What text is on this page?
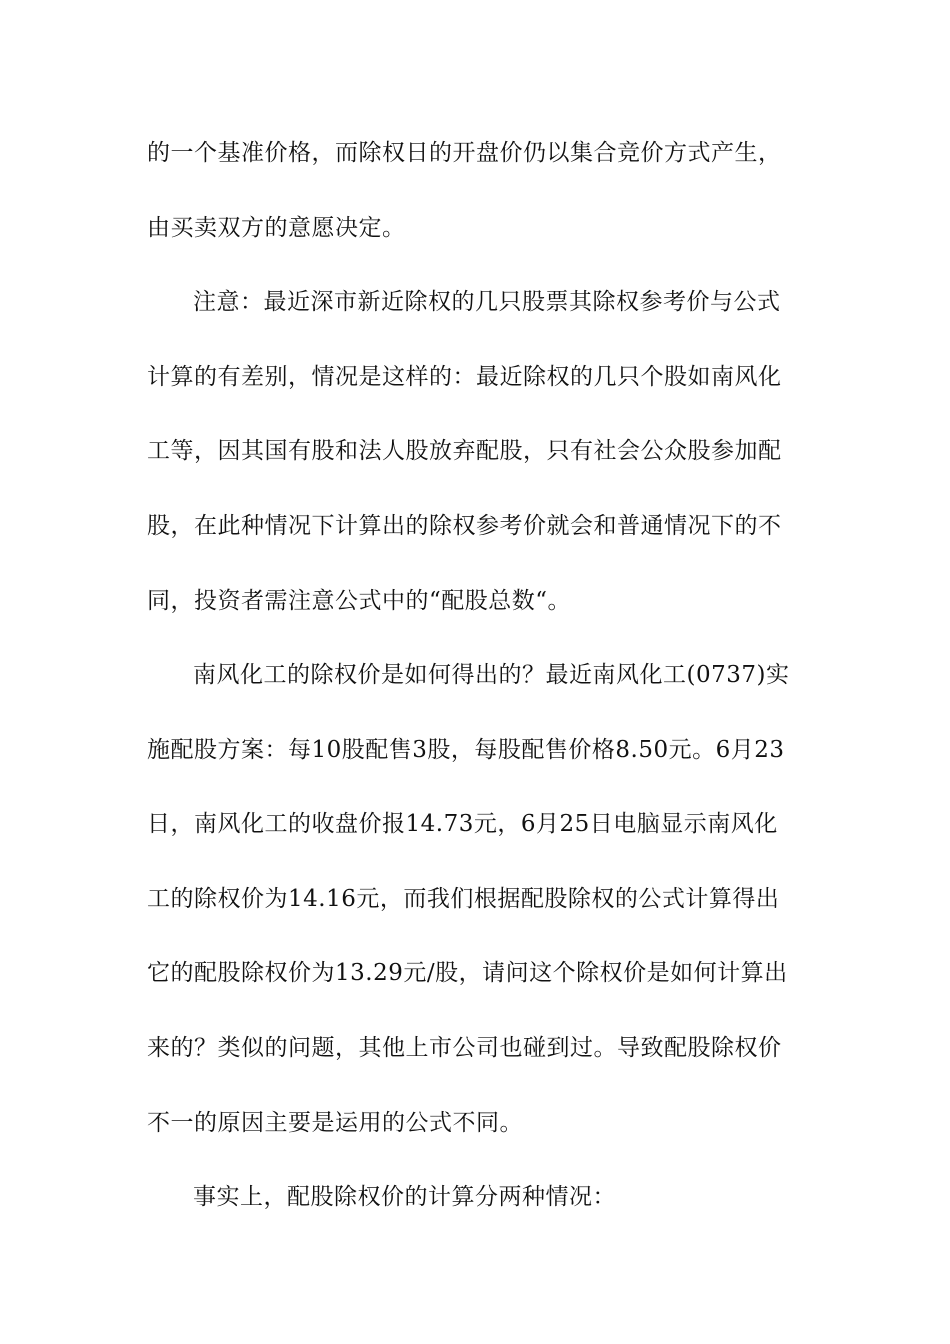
的一个基准价格，而除权日的开盘价仍以集合竞价方式产生，
由买卖双方的意愿决定。
注意：最近深市新近除权的几只股票其除权参考价与公式
计算的有差别，情况是这样的：最近除权的几只个股如南风化
工等，因其国有股和法人股放弃配股，只有社会公众股参加配
股，在此种情况下计算出的除权参考价就会和普通情况下的不
同，投资者需注意公式中的“配股总数“。
南风化工的除权价是如何得出的？最近南风化工(0737)实
施配股方案：每10股配售3股，每股配售价格8.50元。6月23
日，南风化工的收盘价报14.73元，6月25日电脑显示南风化
工的除权价为14.16元，而我们根据配股除权的公式计算得出
它的配股除权价为13.29元/股，请问这个除权价是如何计算出
来的？类似的问题，其他上市公司也碰到过。导致配股除权价
不一的原因主要是运用的公式不同。
事实上，配股除权价的计算分两种情况：
